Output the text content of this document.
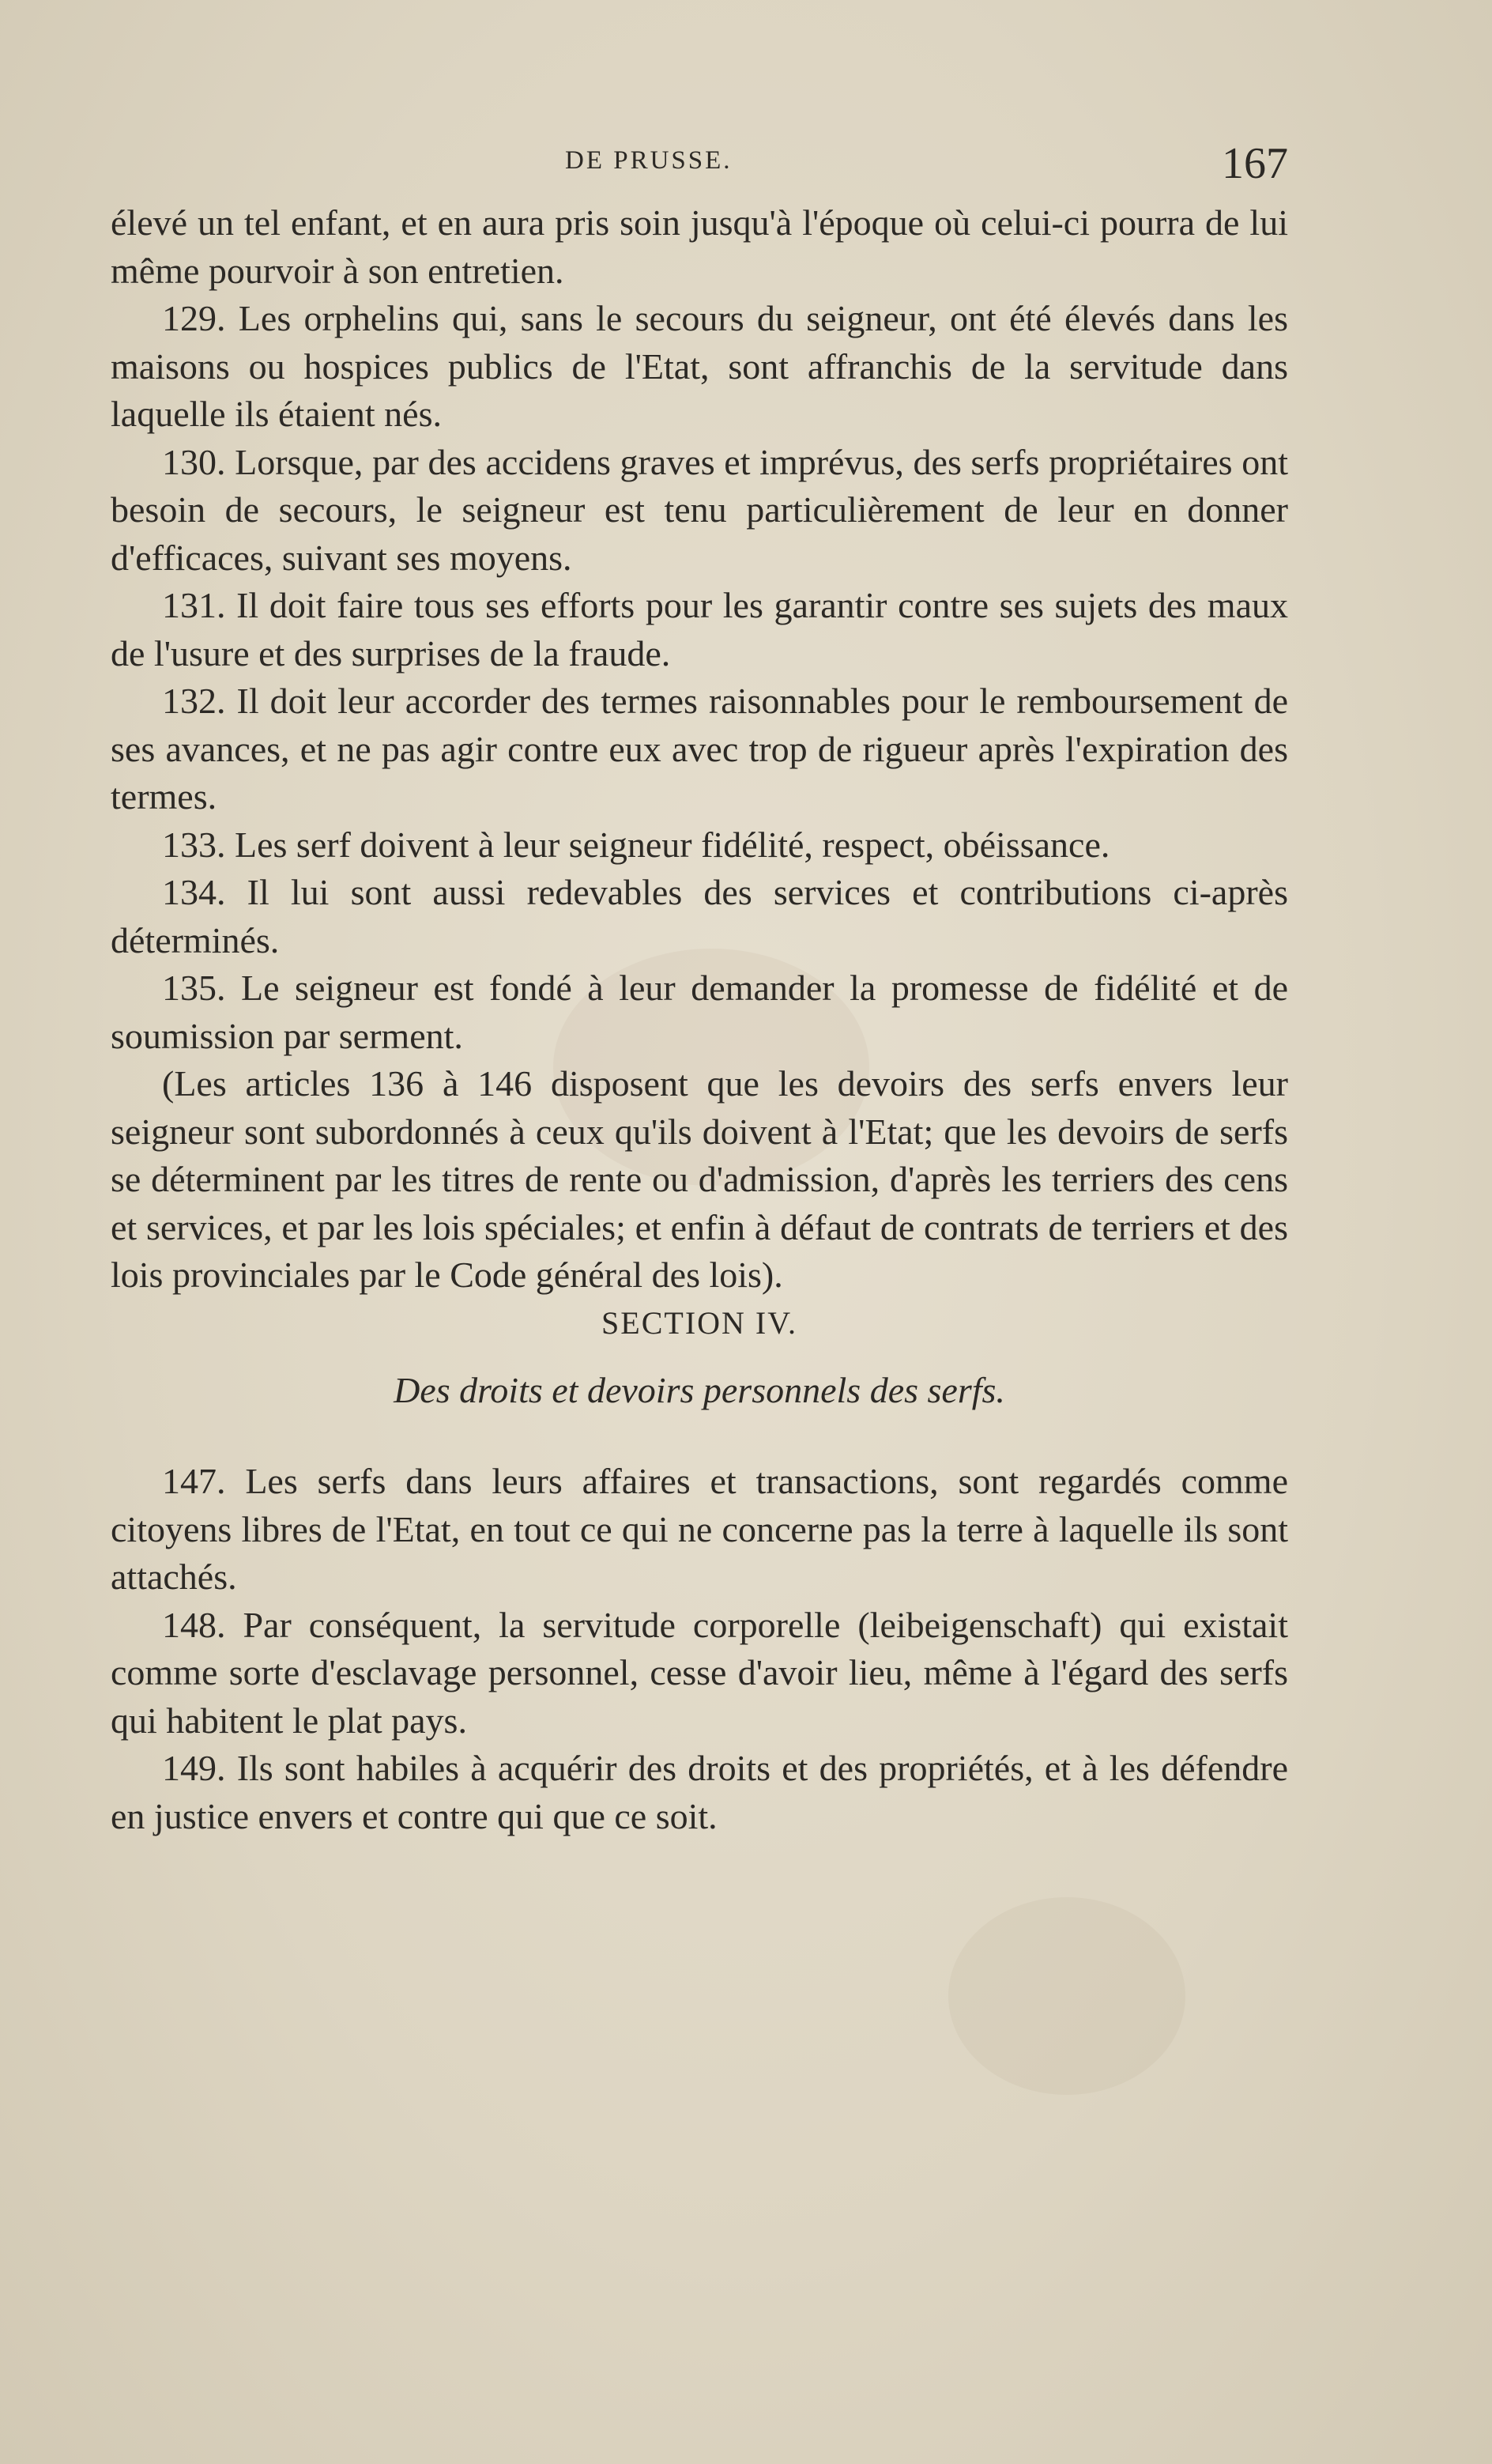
DE PRUSSE.	167

élevé un tel enfant, et en aura pris soin jusqu'à l'époque où celui-ci pourra de lui même pourvoir à son entretien.

129. Les orphelins qui, sans le secours du seigneur, ont été élevés dans les maisons ou hospices publics de l'Etat, sont affranchis de la servitude dans laquelle ils étaient nés.

130. Lorsque, par des accidens graves et imprévus, des serfs propriétaires ont besoin de secours, le seigneur est tenu particulièrement de leur en donner d'efficaces, suivant ses moyens.

131. Il doit faire tous ses efforts pour les garantir contre ses sujets des maux de l'usure et des surprises de la fraude.

132. Il doit leur accorder des termes raisonnables pour le remboursement de ses avances, et ne pas agir contre eux avec trop de rigueur après l'expiration des termes.

133. Les serf doivent à leur seigneur fidélité, respect, obéissance.

134. Il lui sont aussi redevables des services et contributions ci-après déterminés.

135. Le seigneur est fondé à leur demander la promesse de fidélité et de soumission par serment.

(Les articles 136 à 146 disposent que les devoirs des serfs envers leur seigneur sont subordonnés à ceux qu'ils doivent à l'Etat; que les devoirs de serfs se déterminent par les titres de rente ou d'admission, d'après les terriers des cens et services, et par les lois spéciales; et enfin à défaut de contrats de terriers et des lois provinciales par le Code général des lois).

SECTION IV.

Des droits et devoirs personnels des serfs.

147. Les serfs dans leurs affaires et transactions, sont regardés comme citoyens libres de l'Etat, en tout ce qui ne concerne pas la terre à laquelle ils sont attachés.

148. Par conséquent, la servitude corporelle (leibeigenschaft) qui existait comme sorte d'esclavage personnel, cesse d'avoir lieu, même à l'égard des serfs qui habitent le plat pays.

149. Ils sont habiles à acquérir des droits et des propriétés, et à les défendre en justice envers et contre qui que ce soit.
